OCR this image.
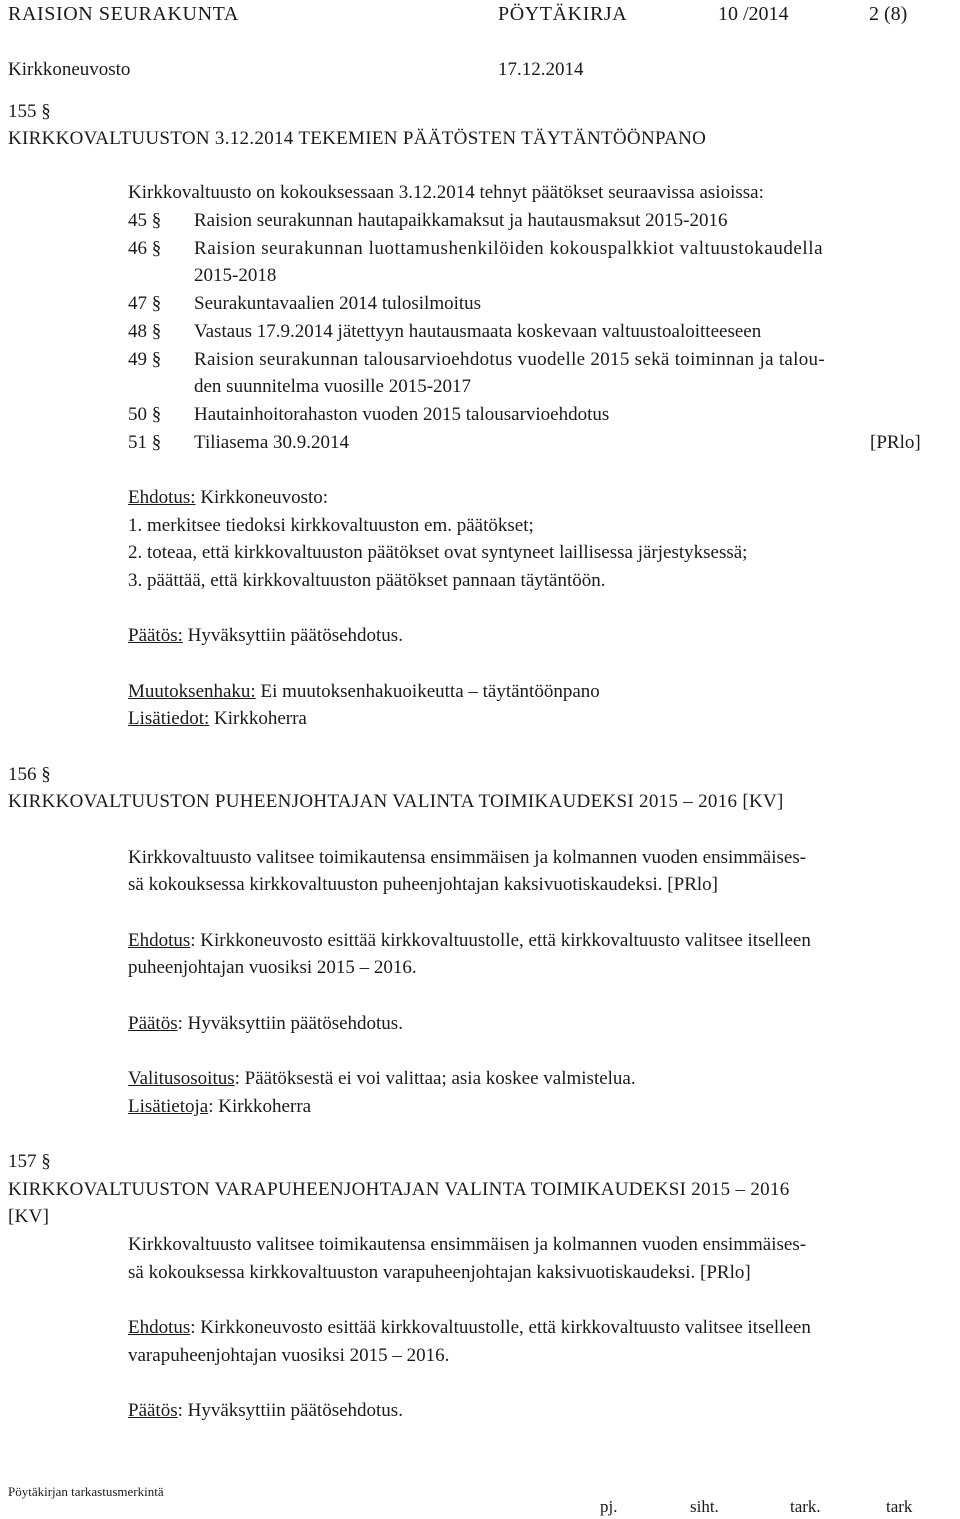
RAISION SEURAKUNTA	PÖYTÄKIRJA	10 /2014	2 (8)
Kirkkoneuvosto	17.12.2014
155 §
KIRKKOVALTUUSTON 3.12.2014 TEKEMIEN PÄÄTÖSTEN TÄYTÄNTÖÖNPANO
Kirkkovaltuusto on kokouksessaan 3.12.2014 tehnyt päätökset seuraavissa asioissa:
45 § Raision seurakunnan hautapaikkamaksut ja hautausmaksut 2015-2016
46 § Raision seurakunnan luottamushenkilöiden kokouspalkkiot valtuustokaudella
2015-2018
47 § Seurakuntavaalien 2014 tulosilmoitus
48 § Vastaus 17.9.2014 jätettyyn hautausmaata koskevaan valtuustoaloitteeseen
49 § Raision seurakunnan talousarvioehdotus vuodelle 2015 sekä toiminnan ja talou-
den suunnitelma vuosille 2015-2017
50 § Hautainhoitorahaston vuoden 2015 talousarvioehdotus
51 § Tiliasema 30.9.2014	[PRlo]
Ehdotus: Kirkkoneuvosto:
1. merkitsee tiedoksi kirkkovaltuuston em. päätökset;
2. toteaa, että kirkkovaltuuston päätökset ovat syntyneet laillisessa järjestyksessä;
3. päättää, että kirkkovaltuuston päätökset pannaan täytäntöön.
Päätös: Hyväksyttiin päätösehdotus.
Muutoksenhaku: Ei muutoksenhakuoikeutta – täytäntöönpano
Lisätiedot: Kirkkoherra
156 §
KIRKKOVALTUUSTON PUHEENJOHTAJAN VALINTA TOIMIKAUDEKSI 2015 – 2016 [KV]
Kirkkovaltuusto valitsee toimikautensa ensimmäisen ja kolmannen vuoden ensimmäises-
sä kokouksessa kirkkovaltuuston puheenjohtajan kaksivuotiskaudeksi. [PRlo]
Ehdotus: Kirkkoneuvosto esittää kirkkovaltuustolle, että kirkkovaltuusto valitsee itselleen
puheenjohtajan vuosiksi 2015 – 2016.
Päätös: Hyväksyttiin päätösehdotus.
Valitusosoitus: Päätöksestä ei voi valittaa; asia koskee valmistelua.
Lisätietoja: Kirkkoherra
157 §
KIRKKOVALTUUSTON VARAPUHEENJOHTAJAN VALINTA TOIMIKAUDEKSI 2015 – 2016
[KV]
Kirkkovaltuusto valitsee toimikautensa ensimmäisen ja kolmannen vuoden ensimmäises-
sä kokouksessa kirkkovaltuuston varapuheenjohtajan kaksivuotiskaudeksi. [PRlo]
Ehdotus: Kirkkoneuvosto esittää kirkkovaltuustolle, että kirkkovaltuusto valitsee itselleen
varapuheenjohtajan vuosiksi 2015 – 2016.
Päätös: Hyväksyttiin päätösehdotus.
Pöytäkirjan tarkastusmerkintä
pj.	siht.	tark.	tark
